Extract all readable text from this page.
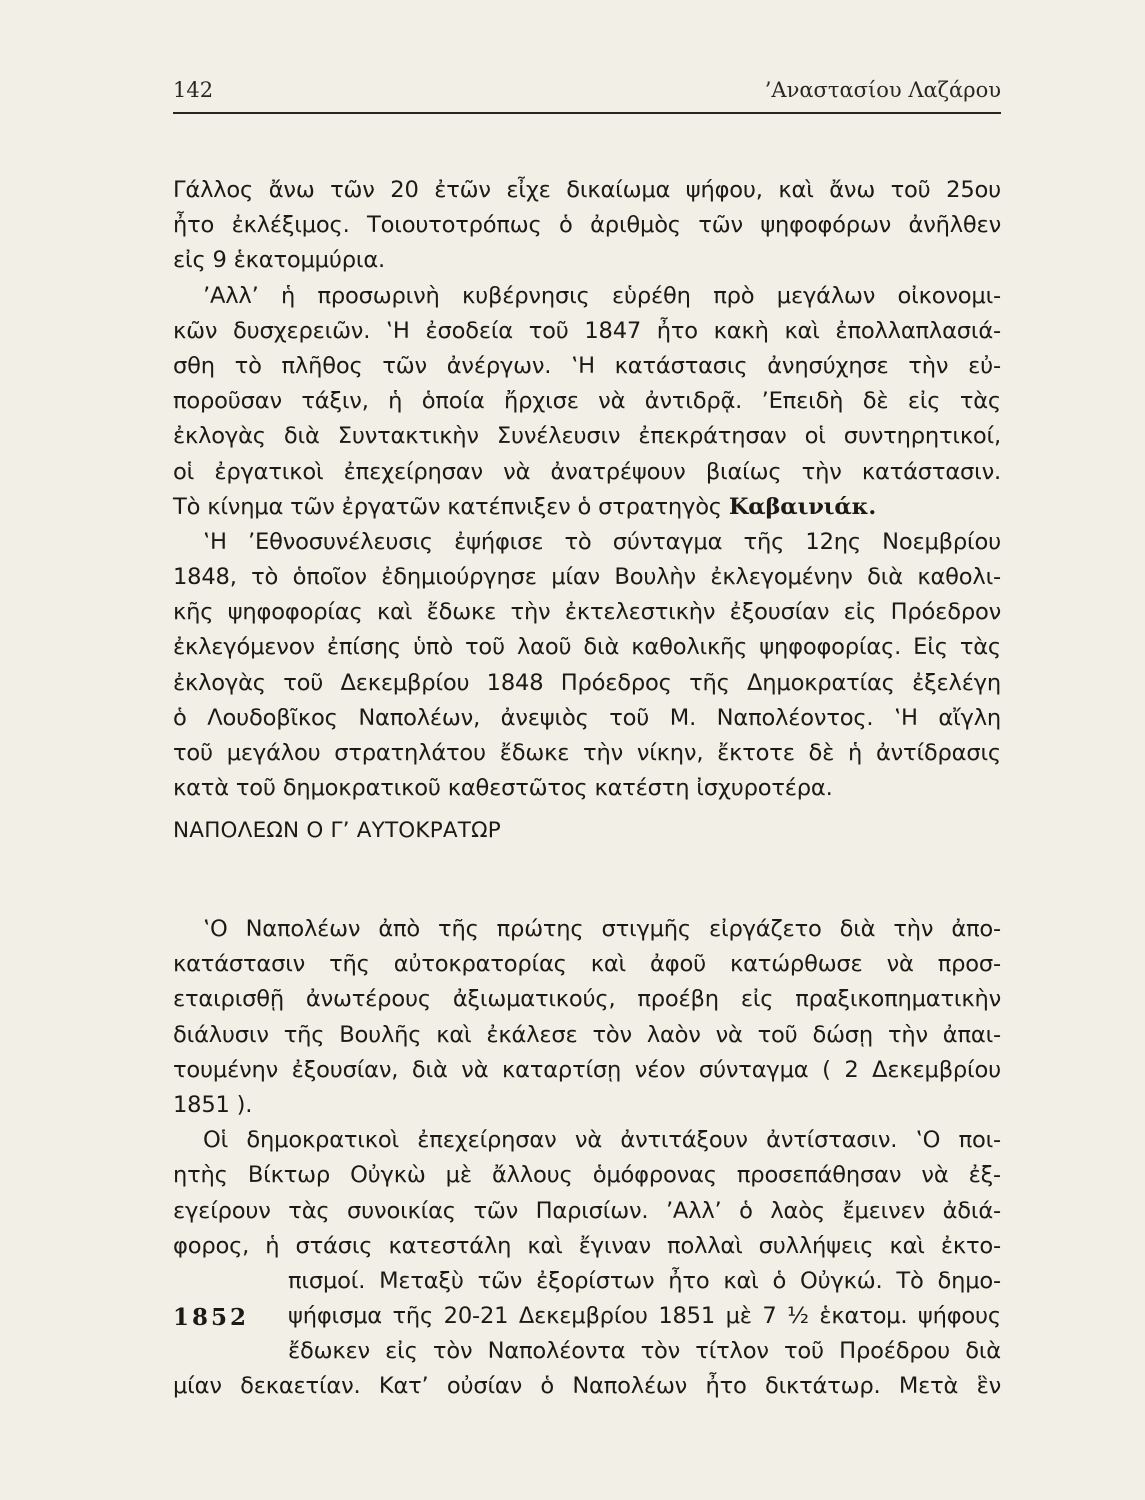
142	’Αναστασίου Λαζάρου
Γάλλος ἄνω τῶν 20 ἐτῶν εἶχε δικαίωμα ψήφου, καὶ ἄνω τοῦ 25ου
ἦτο ἐκλέξιμος. Τοιουτοτρόπως ὁ ἀριθμὸς τῶν ψηφοφόρων ἀνῆλθεν
εἰς 9 ἑκατομμύρια.
’Αλλ’ ἡ προσωρινὴ κυβέρνησις εὑρέθη πρὸ μεγάλων οἰκονομι-
κῶν δυσχερειῶν. ‛Η ἐσοδεία τοῦ 1847 ἦτο κακὴ καὶ ἐπολλαπλασιά-
σθη τὸ πλῆθος τῶν ἀνέργων. ‛Η κατάστασις ἀνησύχησε τὴν εὐ-
ποροῦσαν τάξιν, ἡ ὁποία ἤρχισε νὰ ἀντιδρᾷ. ’Επειδὴ δὲ εἰς τὰς
ἐκλογὰς διὰ Συντακτικὴν Συνέλευσιν ἐπεκράτησαν οἱ συντηρητικοί,
οἱ ἐργατικοὶ ἐπεχείρησαν νὰ ἀνατρέψουν βιαίως τὴν κατάστασιν.
Τὸ κίνημα τῶν ἐργατῶν κατέπνιξεν ὁ στρατηγὸς Καβαινιάκ.
‛Η ’Εθνοσυνέλευσις ἐψήφισε τὸ σύνταγμα τῆς 12ης Νοεμβρίου
1848, τὸ ὁποῖον ἐδημιούργησε μίαν Βουλὴν ἐκλεγομένην διὰ καθολι-
κῆς ψηφοφορίας καὶ ἔδωκε τὴν ἐκτελεστικὴν ἐξουσίαν εἰς Πρόεδρον
ἐκλεγόμενον ἐπίσης ὑπὸ τοῦ λαοῦ διὰ καθολικῆς ψηφοφορίας. Εἰς τὰς
ἐκλογὰς τοῦ Δεκεμβρίου 1848 Πρόεδρος τῆς Δημοκρατίας ἐξελέγη
ὁ Λουδοβῖκος Ναπολέων, ἀνεψιὸς τοῦ Μ. Ναπολέοντος. ‛Η αἴγλη
τοῦ μεγάλου στρατηλάτου ἔδωκε τὴν νίκην, ἔκτοτε δὲ ἡ ἀντίδρασις
κατὰ τοῦ δημοκρατικοῦ καθεστῶτος κατέστη ἰσχυροτέρα.
ΝΑΠΟΛΕΩΝ Ο Γ’ ΑΥΤΟΚΡΑΤΩΡ
‛Ο Ναπολέων ἀπὸ τῆς πρώτης στιγμῆς εἰργάζετο διὰ τὴν ἀπο-
κατάστασιν τῆς αὐτοκρατορίας καὶ ἀφοῦ κατώρθωσε νὰ προσ-
εταιρισθῇ ἀνωτέρους ἀξιωματικούς, προέβη εἰς πραξικοπηματικὴν
διάλυσιν τῆς Βουλῆς καὶ ἐκάλεσε τὸν λαὸν νὰ τοῦ δώσῃ τὴν ἀπαι-
τουμένην ἐξουσίαν, διὰ νὰ καταρτίσῃ νέον σύνταγμα ( 2 Δεκεμβρίου
1851 ).
Οἱ δημοκρατικοὶ ἐπεχείρησαν νὰ ἀντιτάξουν ἀντίστασιν. ‛Ο ποι-
ητὴς Βίκτωρ Οὐγκὼ μὲ ἄλλους ὁμόφρονας προσεπάθησαν νὰ ἐξ-
εγείρουν τὰς συνοικίας τῶν Παρισίων. ’Αλλ’ ὁ λαὸς ἔμεινεν ἀδιά-
φορος, ἡ στάσις κατεστάλη καὶ ἔγιναν πολλαὶ συλλήψεις καὶ ἐκτο-
πισμοί. Μεταξὺ τῶν ἐξορίστων ἦτο καὶ ὁ Οὐγκώ. Τὸ δημο-
ψήφισμα τῆς 20-21 Δεκεμβρίου 1851 μὲ 7 ½ ἑκατομ. ψήφους
ἔδωκεν εἰς τὸν Ναπολέοντα τὸν τίτλον τοῦ Προέδρου διὰ
μίαν δεκαετίαν. Κατ’ οὐσίαν ὁ Ναπολέων ἦτο δικτάτωρ. Μετὰ ἓν
1852
